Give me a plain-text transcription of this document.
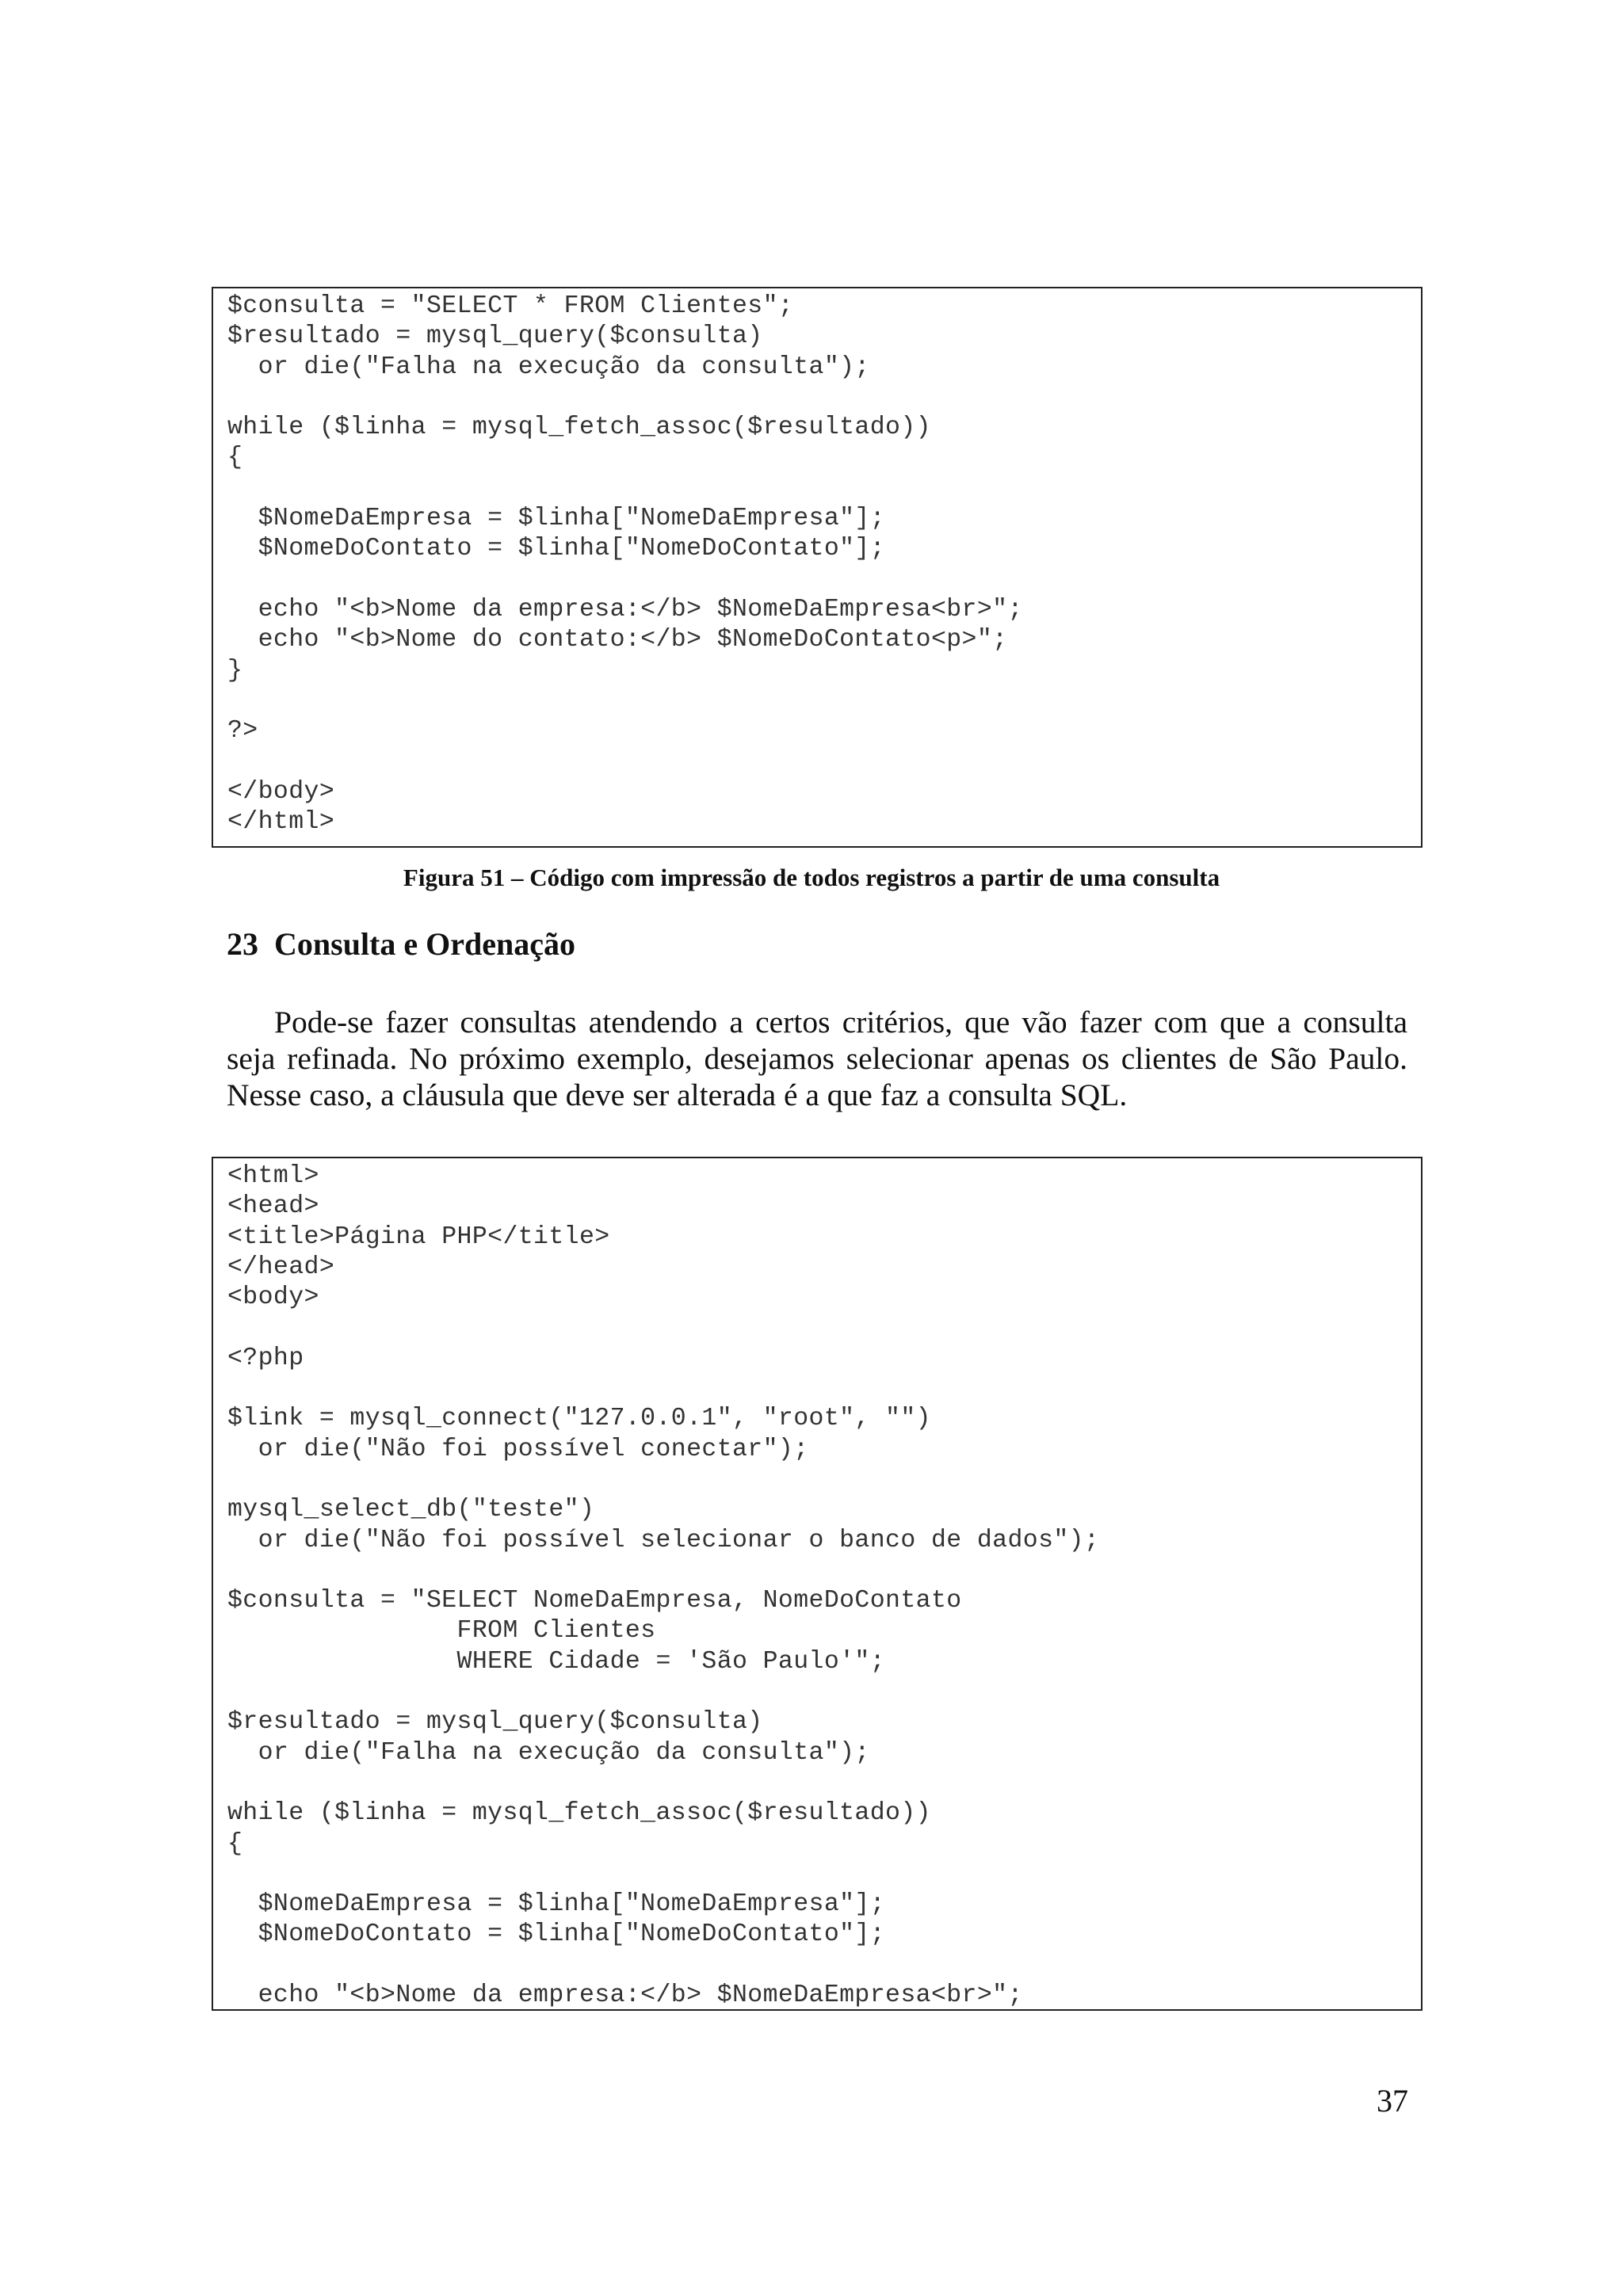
$consulta = "SELECT * FROM Clientes";
$resultado = mysql_query($consulta)
or die("Falha na execução da consulta");
while ($linha = mysql_fetch_assoc($resultado))
{
$NomeDaEmpresa = $linha["NomeDaEmpresa"];
$NomeDoContato = $linha["NomeDoContato"];
echo "<b>Nome da empresa:</b> $NomeDaEmpresa<br>";
echo "<b>Nome do contato:</b> $NomeDoContato<p>";
}
?>
</body>
</html>
Figura 51 – Código com impressão de todos registros a partir de uma consulta
23 Consulta e Ordenação
Pode-se fazer consultas atendendo a certos critérios, que vão fazer com que a consulta
seja refinada. No próximo exemplo, desejamos selecionar apenas os clientes de São Paulo.
Nesse caso, a cláusula que deve ser alterada é a que faz a consulta SQL.
<html>
<head>
<title>Página PHP</title>
</head>
<body>
<?php
$link = mysql_connect("127.0.0.1", "root", "")
or die("Não foi possível conectar");
mysql_select_db("teste")
or die("Não foi possível selecionar o banco de dados");
$consulta = "SELECT NomeDaEmpresa, NomeDoContato
FROM Clientes
WHERE Cidade = 'São Paulo'";
$resultado = mysql_query($consulta)
or die("Falha na execução da consulta");
while ($linha = mysql_fetch_assoc($resultado))
{
$NomeDaEmpresa = $linha["NomeDaEmpresa"];
$NomeDoContato = $linha["NomeDoContato"];
echo "<b>Nome da empresa:</b> $NomeDaEmpresa<br>";
37
